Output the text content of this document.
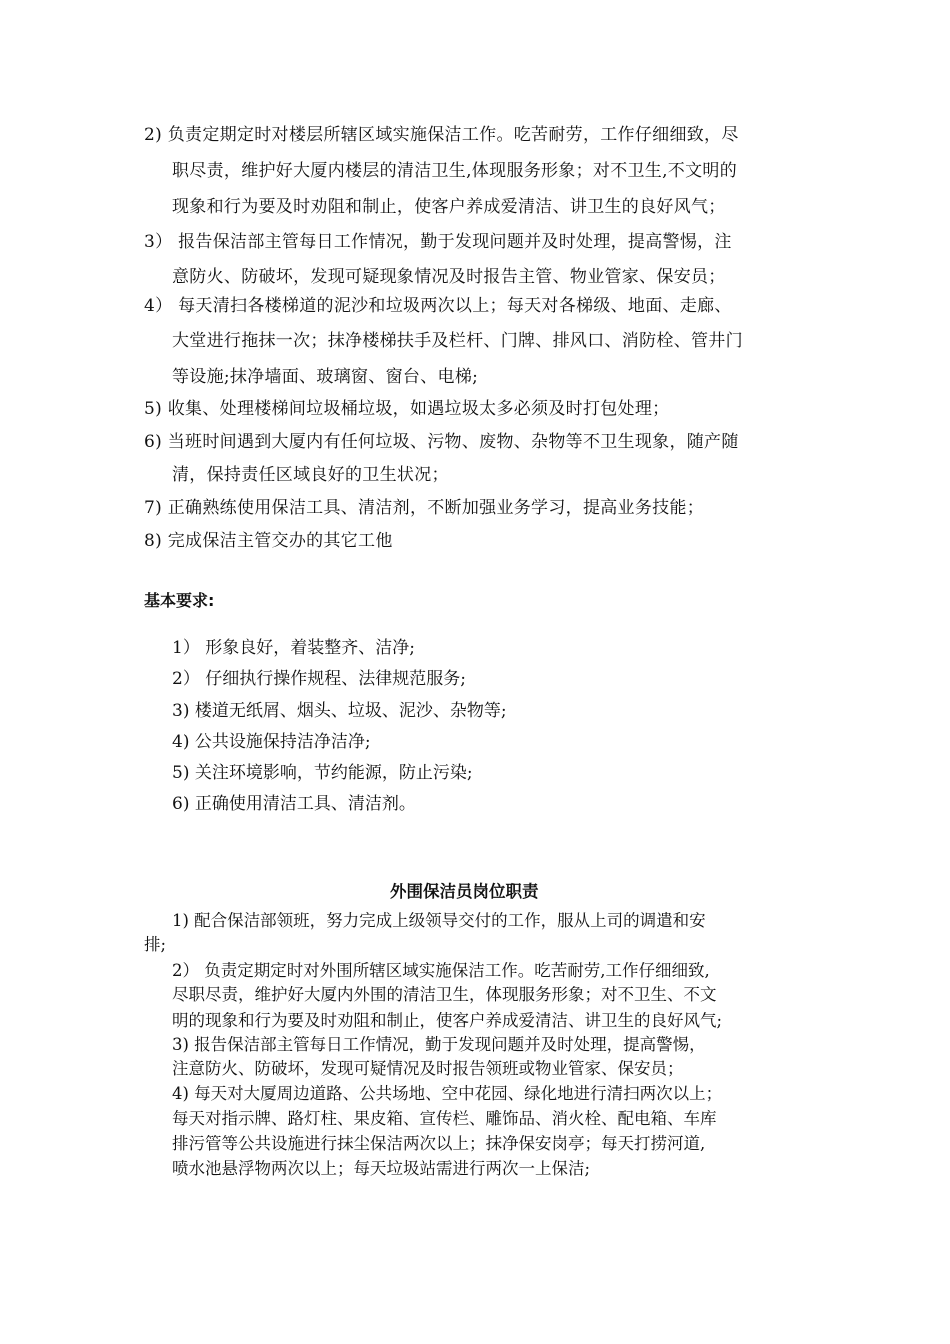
2) 负责定期定时对楼层所辖区域实施保洁工作。吃苦耐劳，工作仔细细致，尽
职尽责，维护好大厦内楼层的清洁卫生,体现服务形象；对不卫生,不文明的
现象和行为要及时劝阻和制止，使客户养成爱清洁、讲卫生的良好风气；
3） 报告保洁部主管每日工作情况，勤于发现问题并及时处理，提高警惕，注
意防火、防破坏，发现可疑现象情况及时报告主管、物业管家、保安员；
4） 每天清扫各楼梯道的泥沙和垃圾两次以上；每天对各梯级、地面、走廊、
大堂进行拖抹一次；抹净楼梯扶手及栏杆、门牌、排风口、消防栓、管井门
等设施;抹净墙面、玻璃窗、窗台、电梯;
5) 收集、处理楼梯间垃圾桶垃圾，如遇垃圾太多必须及时打包处理；
6) 当班时间遇到大厦内有任何垃圾、污物、废物、杂物等不卫生现象，随产随
清，保持责任区域良好的卫生状况；
7) 正确熟练使用保洁工具、清洁剂，不断加强业务学习，提高业务技能；
8) 完成保洁主管交办的其它工他
基本要求:
1） 形象良好，着装整齐、洁净;
2） 仔细执行操作规程、法律规范服务;
3) 楼道无纸屑、烟头、垃圾、泥沙、杂物等;
4) 公共设施保持洁净洁净;
5) 关注环境影响，节约能源，防止污染;
6) 正确使用清洁工具、清洁剂。
外围保洁员岗位职责
1) 配合保洁部领班，努力完成上级领导交付的工作，服从上司的调遣和安
排;
2） 负责定期定时对外围所辖区域实施保洁工作。吃苦耐劳,工作仔细细致,
尽职尽责，维护好大厦内外围的清洁卫生，体现服务形象；对不卫生、不文
明的现象和行为要及时劝阻和制止，使客户养成爱清洁、讲卫生的良好风气;
3) 报告保洁部主管每日工作情况，勤于发现问题并及时处理，提高警惕，
注意防火、防破坏，发现可疑情况及时报告领班或物业管家、保安员；
4) 每天对大厦周边道路、公共场地、空中花园、绿化地进行清扫两次以上；
每天对指示牌、路灯柱、果皮箱、宣传栏、雕饰品、消火栓、配电箱、车库
排污管等公共设施进行抹尘保洁两次以上；抹净保安岗亭；每天打捞河道,
喷水池悬浮物两次以上；每天垃圾站需进行两次一上保洁;
